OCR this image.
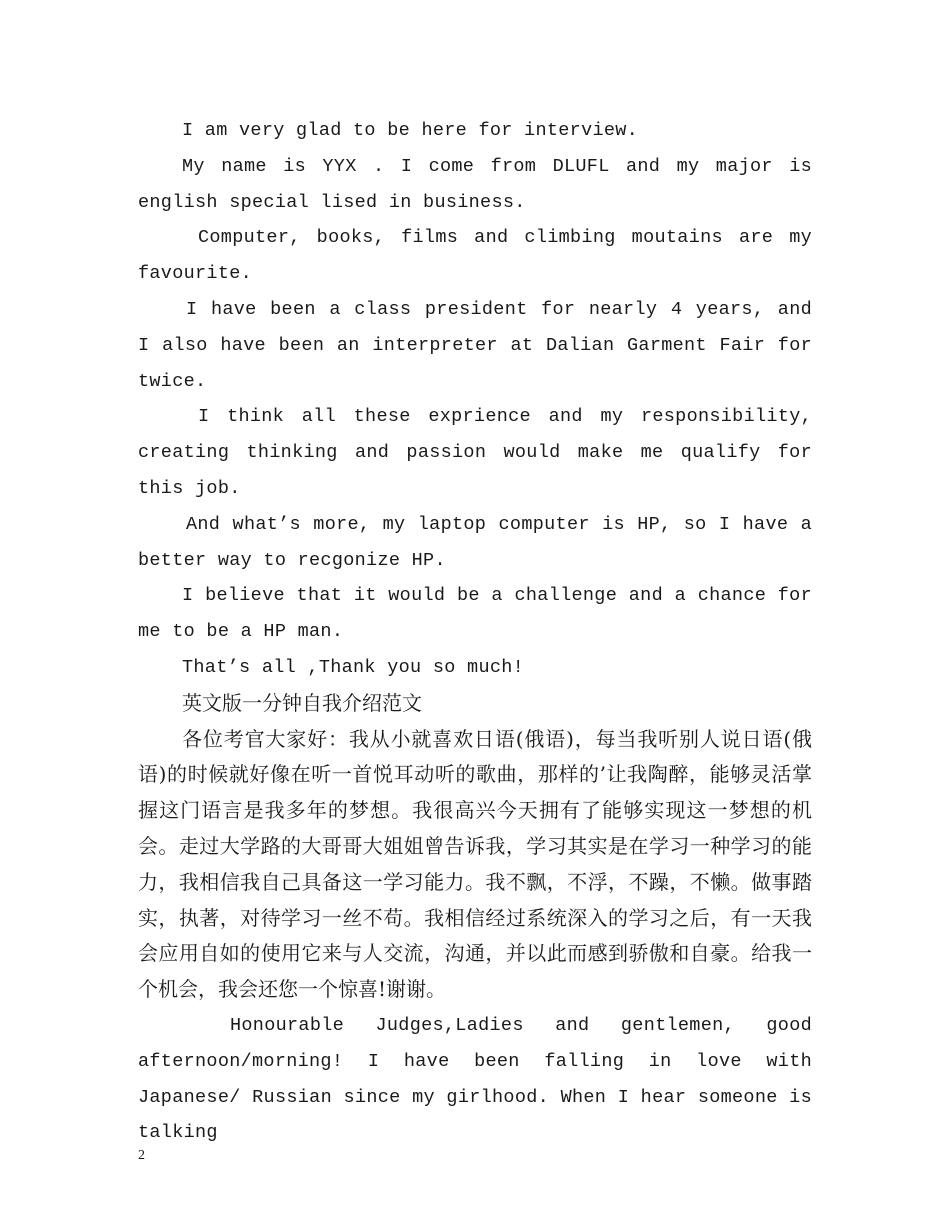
I am very glad to be here for interview.

My name is YYX . I come from DLUFL and my major is english special lised in business.

Computer, books, films and climbing moutains are my favourite.

I have been a class president for nearly 4 years, and I also have been an interpreter at Dalian Garment Fair for twice.

I think all these exprience and my responsibility, creating thinking and passion would make me qualify for this job.

And what’s more, my laptop computer is HP, so I have a better way to recgonize HP.

I believe that it would be a challenge and a chance for me to be a HP man.

That’s all ,Thank you so much!

英文版一分钟自我介绍范文

各位考官大家好：我从小就喜欢日语(俄语)，每当我听别人说日语(俄语)的时候就好像在听一首悦耳动听的歌曲，那样的’让我陶醉，能够灵活掌握这门语言是我多年的梦想。我很高兴今天拥有了能够实现这一梦想的机会。走过大学路的大哥哥大姐姐曾告诉我，学习其实是在学习一种学习的能力，我相信我自己具备这一学习能力。我不飘，不浮，不躁，不懒。做事踏实，执著，对待学习一丝不苟。我相信经过系统深入的学习之后，有一天我会应用自如的使用它来与人交流，沟通，并以此而感到骄傲和自豪。给我一个机会，我会还您一个惊喜!谢谢。

Honourable Judges,Ladies and gentlemen, good afternoon/morning! I have been falling in love with Japanese/ Russian since my girlhood. When I hear someone is talking

2
